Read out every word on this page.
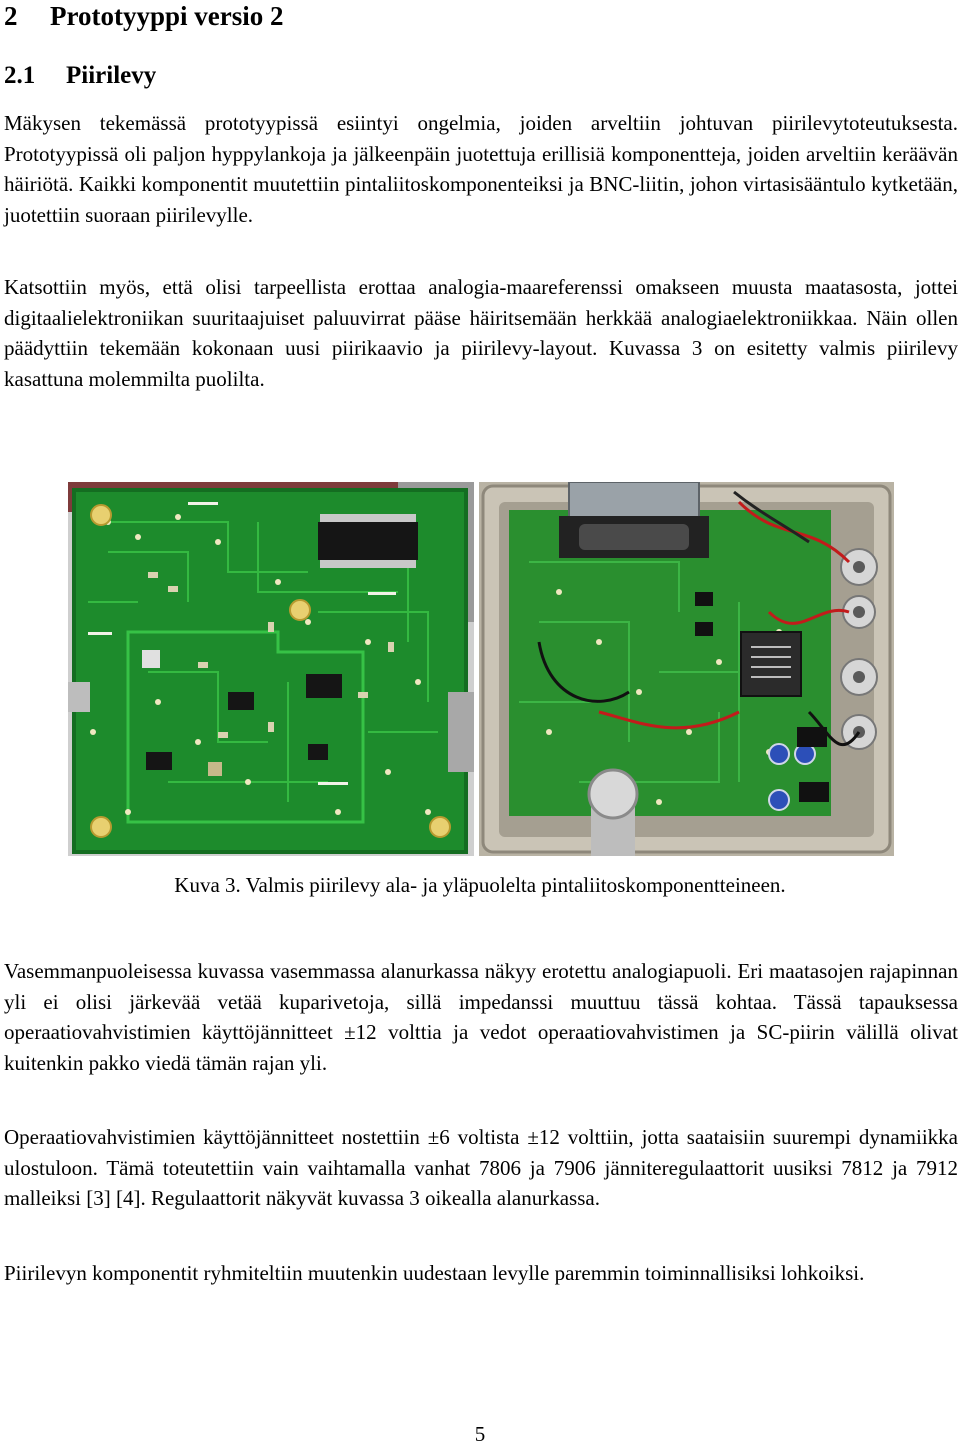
2 Prototyyppi versio 2
2.1 Piirilevy

Mäkysen tekemässä prototyypissä esiintyi ongelmia, joiden arveltiin johtuvan piirilevytoteutuksesta. Prototyypissä oli paljon hyppylankoja ja jälkeenpäin juotettuja erillisiä komponentteja, joiden arveltiin keräävän häiriötä. Kaikki komponentit muutettiin pintaliitoskomponenteiksi ja BNC-liitin, johon virtasisääntulo kytketään, juotettiin suoraan piirilevylle.

Katsottiin myös, että olisi tarpeellista erottaa analogia-maareferenssi omakseen muusta maatasosta, jottei digitaalielektroniikan suuritaajuiset paluuvirrat pääse häiritsemään herkkää analogiaelektroniikkaa. Näin ollen päädyttiin tekemään kokonaan uusi piirikaavio ja piirilevy-layout. Kuvassa 3 on esitetty valmis piirilevy kasattuna molemmilta puolilta.

Kuva 3. Valmis piirilevy ala- ja yläpuolelta pintaliitoskomponentteineen.

Vasemmanpuoleisessa kuvassa vasemmassa alanurkassa näkyy erotettu analogiapuoli. Eri maatasojen rajapinnan yli ei olisi järkevää vetää kuparivetoja, sillä impedanssi muuttuu tässä kohtaa. Tässä tapauksessa operaatiovahvistimien käyttöjännitteet ±12 volttia ja vedot operaatiovahvistimen ja SC-piirin välillä olivat kuitenkin pakko viedä tämän rajan yli.

Operaatiovahvistimien käyttöjännitteet nostettiin ±6 voltista ±12 volttiin, jotta saataisiin suurempi dynamiikka ulostuloon. Tämä toteutettiin vain vaihtamalla vanhat 7806 ja 7906 jänniteregulaattorit uusiksi 7812 ja 7912 malleiksi [3] [4]. Regulaattorit näkyvät kuvassa 3 oikealla alanurkassa.

Piirilevyn komponentit ryhmiteltiin muutenkin uudestaan levylle paremmin toiminnallisiksi lohkoiksi.

5
